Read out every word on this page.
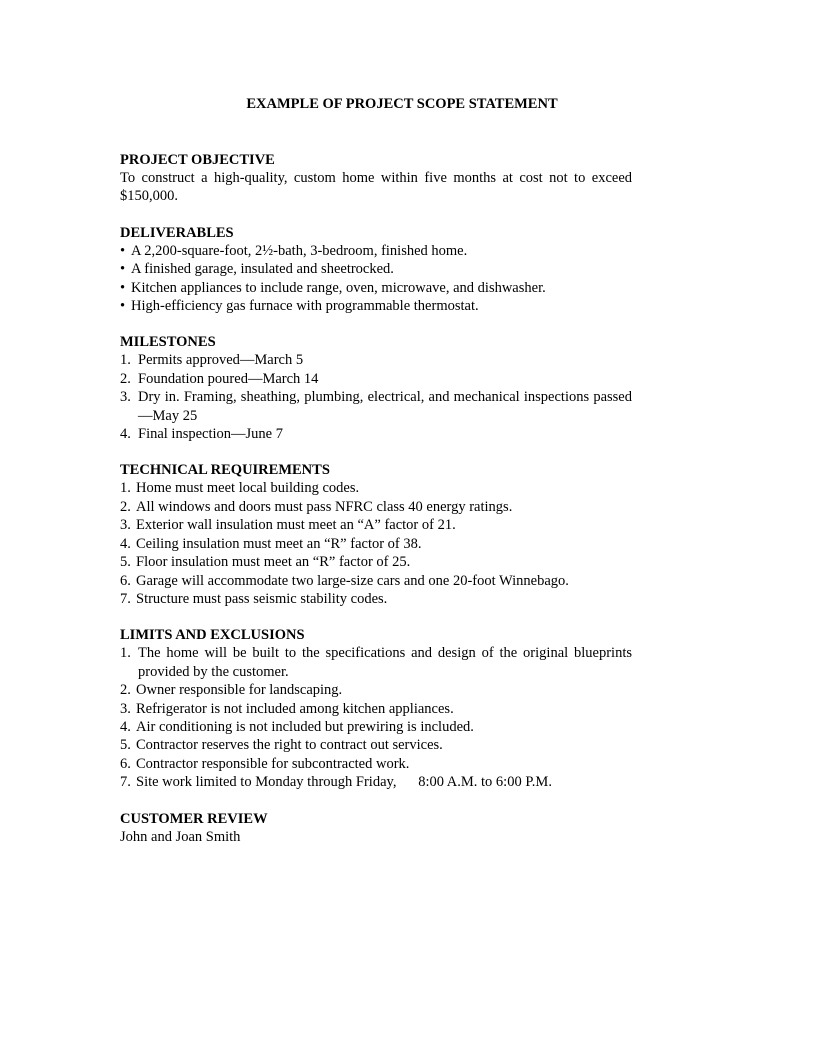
EXAMPLE OF PROJECT SCOPE STATEMENT
PROJECT OBJECTIVE
To construct a high-quality, custom home within five months at cost not to exceed $150,000.
DELIVERABLES
• A 2,200-square-foot, 2½-bath, 3-bedroom, finished home.
• A finished garage, insulated and sheetrocked.
• Kitchen appliances to include range, oven, microwave, and dishwasher.
• High-efficiency gas furnace with programmable thermostat.
MILESTONES
1. Permits approved—March 5
2. Foundation poured—March 14
3. Dry in. Framing, sheathing, plumbing, electrical, and mechanical inspections passed—May 25
4. Final inspection—June 7
TECHNICAL REQUIREMENTS
1. Home must meet local building codes.
2. All windows and doors must pass NFRC class 40 energy ratings.
3. Exterior wall insulation must meet an “A” factor of 21.
4. Ceiling insulation must meet an “R” factor of 38.
5. Floor insulation must meet an “R” factor of 25.
6. Garage will accommodate two large-size cars and one 20-foot Winnebago.
7. Structure must pass seismic stability codes.
LIMITS AND EXCLUSIONS
1. The home will be built to the specifications and design of the original blueprints provided by the customer.
2. Owner responsible for landscaping.
3. Refrigerator is not included among kitchen appliances.
4. Air conditioning is not included but prewiring is included.
5. Contractor reserves the right to contract out services.
6. Contractor responsible for subcontracted work.
7. Site work limited to Monday through Friday,      8:00 A.M. to 6:00 P.M.
CUSTOMER REVIEW
John and Joan Smith
